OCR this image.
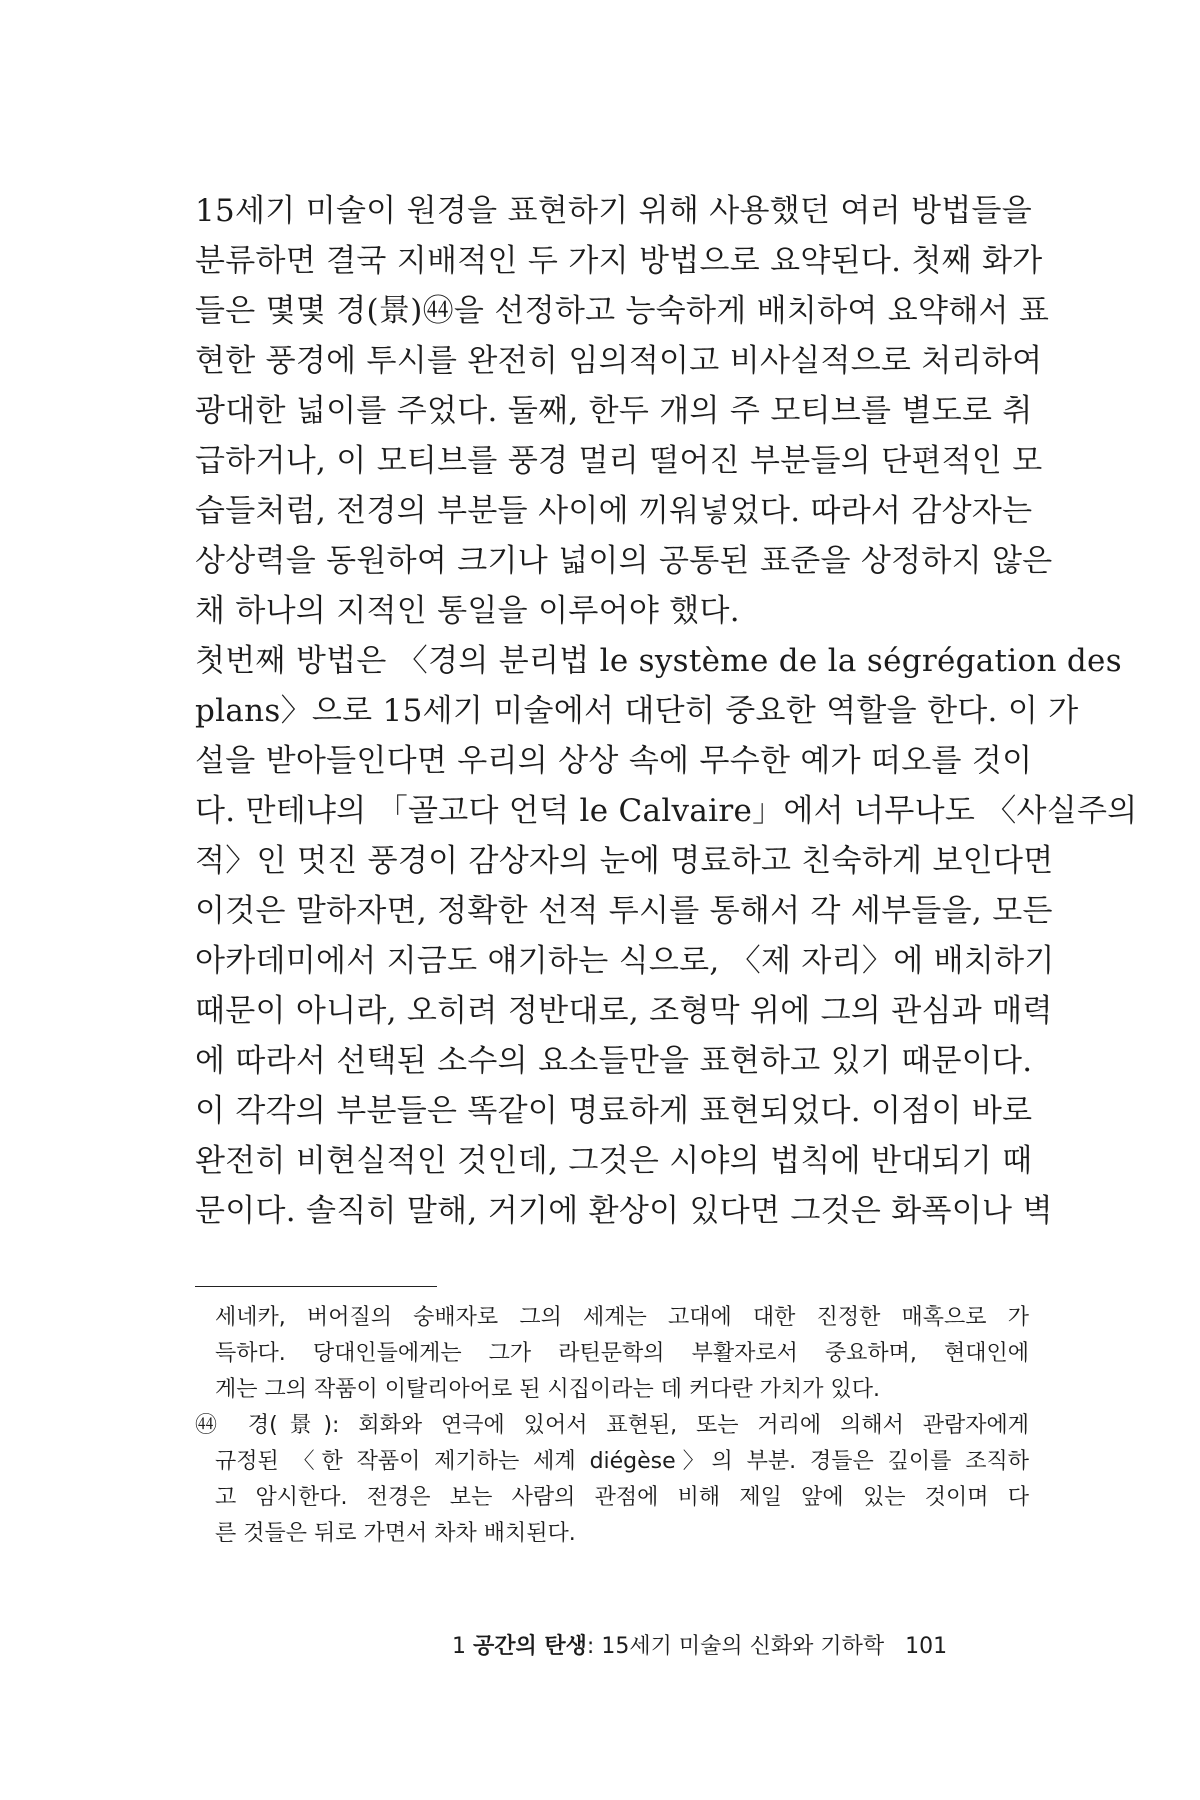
15세기 미술이 원경을 표현하기 위해 사용했던 여러 방법들을
분류하면 결국 지배적인 두 가지 방법으로 요약된다. 첫째 화가
들은 몇몇 경(景)㊹을 선정하고 능숙하게 배치하여 요약해서 표
현한 풍경에 투시를 완전히 임의적이고 비사실적으로 처리하여
광대한 넓이를 주었다. 둘째, 한두 개의 주 모티브를 별도로 취
급하거나, 이 모티브를 풍경 멀리 떨어진 부분들의 단편적인 모
습들처럼, 전경의 부분들 사이에 끼워넣었다. 따라서 감상자는
상상력을 동원하여 크기나 넓이의 공통된 표준을 상정하지 않은
채 하나의 지적인 통일을 이루어야 했다.
첫번째 방법은 〈경의 분리법 le système de la ségrégation des
plans〉으로 15세기 미술에서 대단히 중요한 역할을 한다. 이 가
설을 받아들인다면 우리의 상상 속에 무수한 예가 떠오를 것이
다. 만테냐의 「골고다 언덕 le Calvaire」에서 너무나도 〈사실주의
적〉인 멋진 풍경이 감상자의 눈에 명료하고 친숙하게 보인다면
이것은 말하자면, 정확한 선적 투시를 통해서 각 세부들을, 모든
아카데미에서 지금도 얘기하는 식으로, 〈제 자리〉에 배치하기
때문이 아니라, 오히려 정반대로, 조형막 위에 그의 관심과 매력
에 따라서 선택된 소수의 요소들만을 표현하고 있기 때문이다.
이 각각의 부분들은 똑같이 명료하게 표현되었다. 이점이 바로
완전히 비현실적인 것인데, 그것은 시야의 법칙에 반대되기 때
문이다. 솔직히 말해, 거기에 환상이 있다면 그것은 화폭이나 벽
세네카, 버어질의 숭배자로 그의 세계는 고대에 대한 진정한 매혹으로 가
득하다. 당대인들에게는 그가 라틴문학의 부활자로서 중요하며, 현대인에
게는 그의 작품이 이탈리아어로 된 시집이라는 데 커다란 가치가 있다.
㊹ 경(景): 회화와 연극에 있어서 표현된, 또는 거리에 의해서 관람자에게
규정된 〈한 작품이 제기하는 세계 diégèse〉의 부분. 경들은 깊이를 조직하
고 암시한다. 전경은 보는 사람의 관점에 비해 제일 앞에 있는 것이며 다
른 것들은 뒤로 가면서 차차 배치된다.
1 공간의 탄생: 15세기 미술의 신화와 기하학 101
